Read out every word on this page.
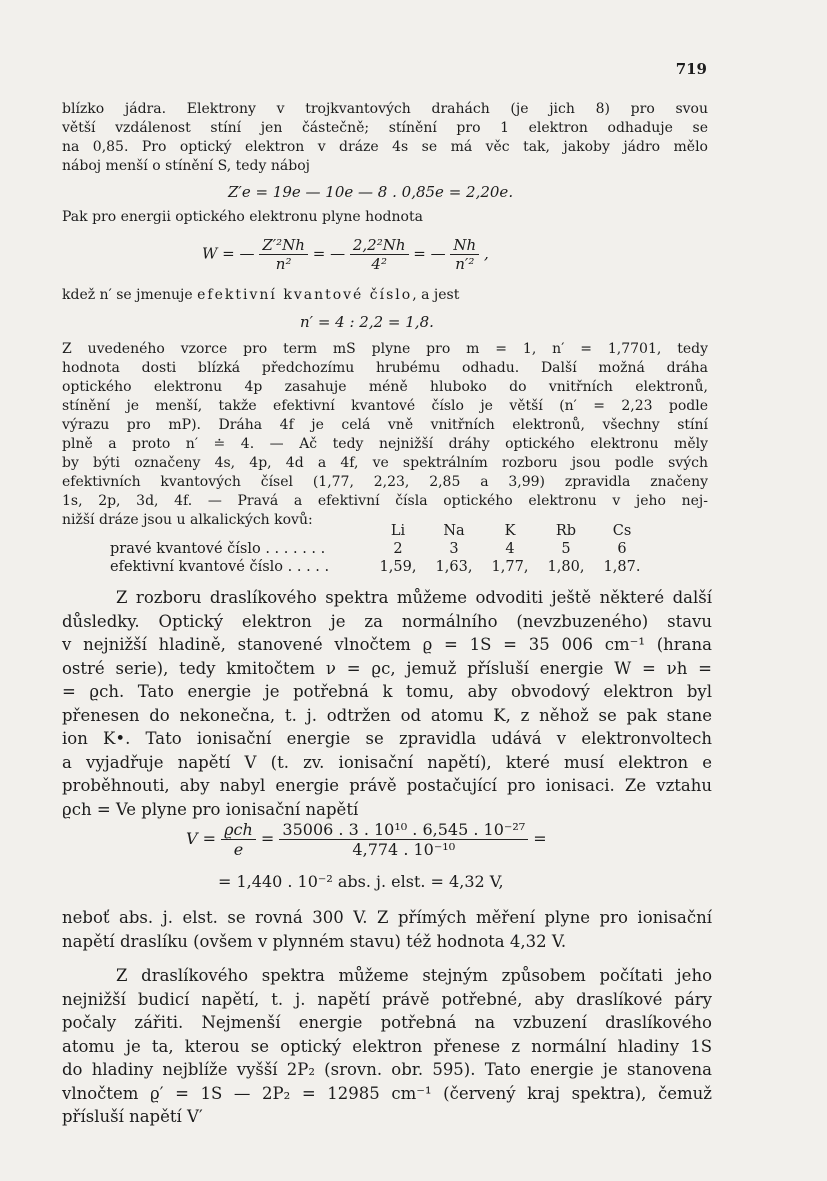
719
blízko jádra. Elektrony v trojkvantových drahách (je jich 8) pro svou
větší vzdálenost stíní jen částečně; stínění pro 1 elektron odhaduje se
na 0,85. Pro optický elektron v dráze 4s se má věc tak, jakoby jádro mělo
náboj menší o stínění S, tedy náboj
Z′e = 19e — 10e — 8 . 0,85e = 2,20e.
Pak pro energii optického elektronu plyne hodnota
W = — $\frac{\text{Z′²Nh}}{\text{n²}}$ = — $\frac{\text{2,2²Nh}}{\text{4²}}$ = — $\frac{Nh}{\text{n′²}}$ ,
kdež n′ se jmenuje efektivní kvantové číslo, a jest
n′ = 4 : 2,2 = 1,8.
Z uvedeného vzorce pro term mS plyne pro m = 1, n′ = 1,7701, tedy
hodnota dosti blízká předchozímu hrubému odhadu. Další možná dráha
optického elektronu 4p zasahuje méně hluboko do vnitřních elektronů,
stínění je menší, takže efektivní kvantové číslo je větší (n′ = 2,23 podle
výrazu pro mP). Dráha 4f je celá vně vnitřních elektronů, všechny stíní
plně a proto n′ ≐ 4. — Ač tedy nejnižší dráhy optického elektronu měly
by býti označeny 4s, 4p, 4d a 4f, ve spektrálním rozboru jsou podle svých
efektivních kvantových čísel (1,77, 2,23, 2,85 a 3,99) zpravidla značeny
1s, 2p, 3d, 4f. — Pravá a efektivní čísla optického elektronu v jeho nej-
nižší dráze jsou u alkalických kovů:
	Li	Na	K	Rb	Cs
pravé kvantové číslo . . . . . . .	2	3	4	5	6
efektivní kvantové číslo . . . . .	1,59,	1,63,	1,77,	1,80,	1,87.
Z rozboru draslíkového spektra můžeme odvoditi ještě některé další
důsledky. Optický elektron je za normálního (nevzbuzeného) stavu
v nejnižší hladině, stanovené vlnočtem ϱ = 1S = 35 006 cm⁻¹ (hrana
ostré serie), tedy kmitočtem ν = ϱc, jemuž přísluší energie W = νh =
= ϱch. Tato energie je potřebná k tomu, aby obvodový elektron byl
přenesen do nekonečna, t. j. odtržen od atomu K, z něhož se pak stane
ion K•. Tato ionisační energie se zpravidla udává v elektronvoltech
a vyjadřuje napětí V (t. zv. ionisační napětí), které musí elektron e
proběhnouti, aby nabyl energie právě postačující pro ionisaci. Ze vztahu
ϱch = Ve plyne pro ionisační napětí
$V = \frac{\text{ϱch}}{e} = \frac{\text{35006 . 3 . 10¹⁰ . 6,545 . 10⁻²⁷}}{\text{4,774 . 10⁻¹⁰}}$ =
= 1,440 . 10⁻² abs. j. elst. = 4,32 V,
neboť abs. j. elst. se rovná 300 V. Z přímých měření plyne pro ionisační
napětí draslíku (ovšem v plynném stavu) též hodnota 4,32 V.
Z draslíkového spektra můžeme stejným způsobem počítati jeho
nejnižší budicí napětí, t. j. napětí právě potřebné, aby draslíkové páry
počaly zářiti. Nejmenší energie potřebná na vzbuzení draslíkového
atomu je ta, kterou se optický elektron přenese z normální hladiny 1S
do hladiny nejblíže vyšší 2P₂ (srovn. obr. 595). Tato energie je stanovena
vlnočtem ϱ′ = 1S — 2P₂ = 12985 cm⁻¹ (červený kraj spektra), čemuž
přísluší napětí V′
